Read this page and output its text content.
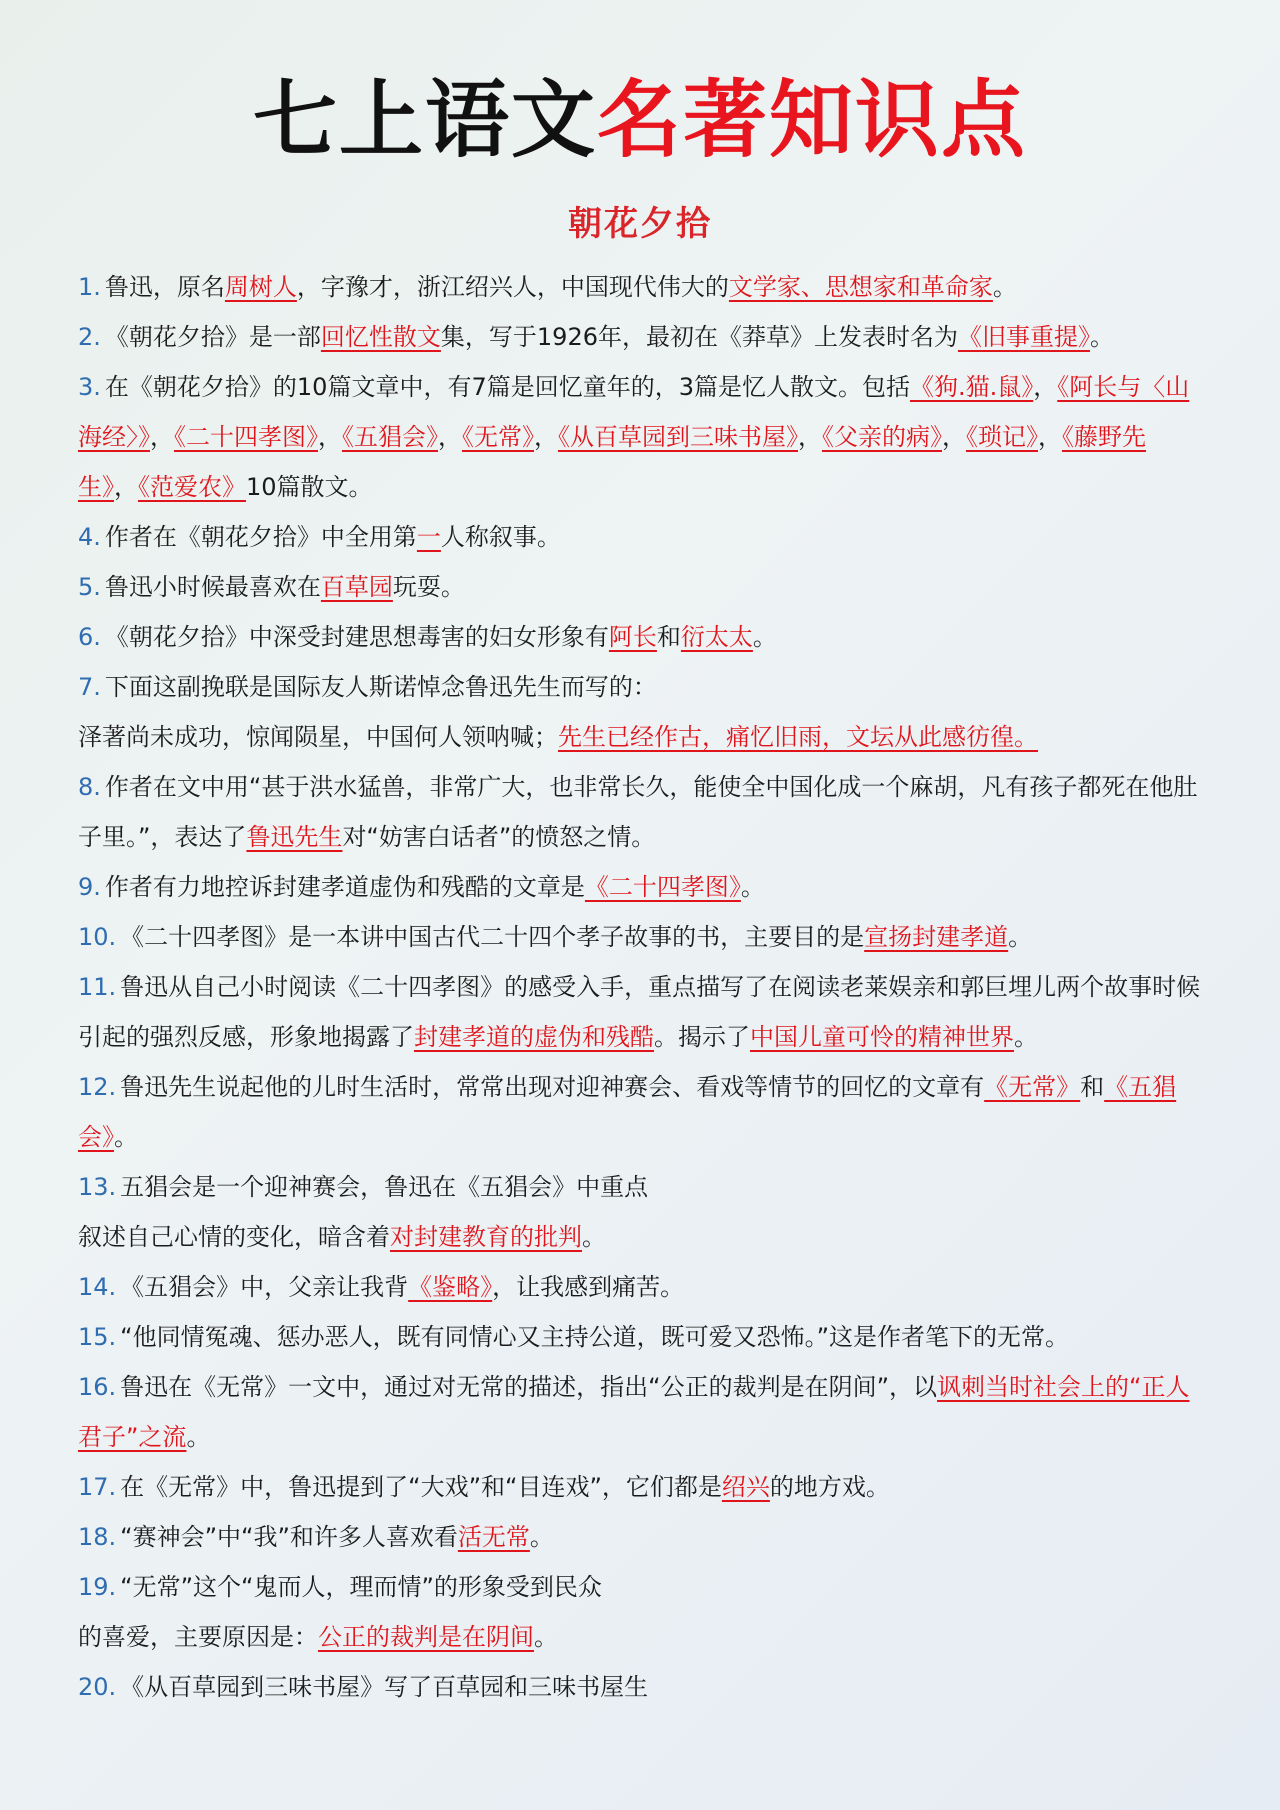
七上语文名著知识点
朝花夕拾

1. 鲁迅，原名周树人，字豫才，浙江绍兴人，中国现代伟大的文学家、思想家和革命家。

2. 《朝花夕拾》是一部回忆性散文集，写于1926年，最初在《莽草》上发表时名为《旧事重提》。

3. 在《朝花夕拾》的10篇文章中，有7篇是回忆童年的，3篇是忆人散文。包括《狗.猫.鼠》，《阿长与〈山海经〉》，《二十四孝图》，《五猖会》，《无常》，《从百草园到三味书屋》，《父亲的病》，《琐记》，《藤野先生》，《范爱农》10篇散文。

4. 作者在《朝花夕拾》中全用第一人称叙事。

5. 鲁迅小时候最喜欢在百草园玩耍。

6. 《朝花夕拾》中深受封建思想毒害的妇女形象有阿长和衍太太。

7. 下面这副挽联是国际友人斯诺悼念鲁迅先生而写的：

泽著尚未成功，惊闻陨星，中国何人领呐喊；先生已经作古，痛忆旧雨，文坛从此感彷徨。

8. 作者在文中用“甚于洪水猛兽，非常广大，也非常长久，能使全中国化成一个麻胡，凡有孩子都死在他肚子里。”，表达了鲁迅先生对“妨害白话者”的愤怒之情。

9. 作者有力地控诉封建孝道虚伪和残酷的文章是《二十四孝图》。

10. 《二十四孝图》是一本讲中国古代二十四个孝子故事的书，主要目的是宣扬封建孝道。

11. 鲁迅从自己小时阅读《二十四孝图》的感受入手，重点描写了在阅读老莱娱亲和郭巨埋儿两个故事时候引起的强烈反感，形象地揭露了封建孝道的虚伪和残酷。揭示了中国儿童可怜的精神世界。

12. 鲁迅先生说起他的儿时生活时，常常出现对迎神赛会、看戏等情节的回忆的文章有《无常》和《五猖会》。

13. 五猖会是一个迎神赛会，鲁迅在《五猖会》中重点

叙述自己心情的变化，暗含着对封建教育的批判。

14. 《五猖会》中，父亲让我背《鉴略》，让我感到痛苦。

15. “他同情冤魂、惩办恶人，既有同情心又主持公道，既可爱又恐怖。”这是作者笔下的无常。

16. 鲁迅在《无常》一文中，通过对无常的描述，指出“公正的裁判是在阴间”，以讽刺当时社会上的“正人君子”之流。

17. 在《无常》中，鲁迅提到了“大戏”和“目连戏”，它们都是绍兴的地方戏。

18. “赛神会”中“我”和许多人喜欢看活无常。

19. “无常”这个“鬼而人，理而情”的形象受到民众

的喜爱，主要原因是：公正的裁判是在阴间。

20. 《从百草园到三味书屋》写了百草园和三味书屋生
